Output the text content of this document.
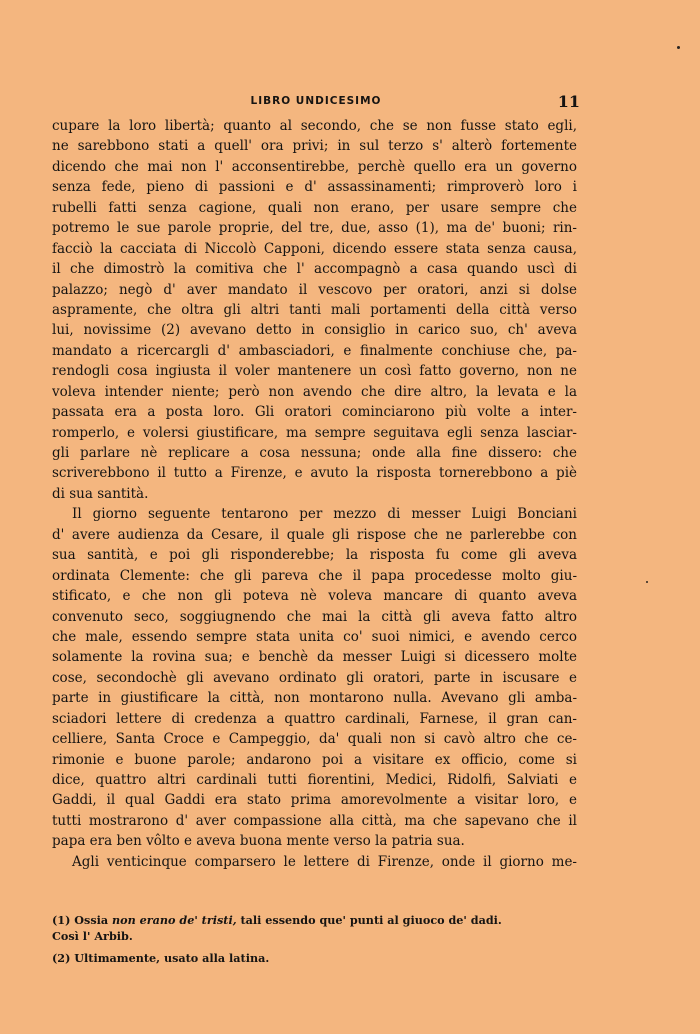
LIBRO UNDICESIMO	11
cupare la loro libertà; quanto al secondo, che se non fusse stato egli,
ne sarebbono stati a quell' ora privi; in sul terzo s' alterò fortemente
dicendo che mai non l' acconsentirebbe, perchè quello era un governo
senza fede, pieno di passioni e d' assassinamenti; rimproverò loro i
rubelli fatti senza cagione, quali non erano, per usare sempre che
potremo le sue parole proprie, del tre, due, asso (1), ma de' buoni; rin-
facciò la cacciata di Niccolò Capponi, dicendo essere stata senza causa,
il che dimostrò la comitiva che l' accompagnò a casa quando uscì di
palazzo; negò d' aver mandato il vescovo per oratori, anzi si dolse
aspramente, che oltra gli altri tanti mali portamenti della città verso
lui, novissime (2) avevano detto in consiglio in carico suo, ch' aveva
mandato a ricercargli d' ambasciadori, e finalmente conchiuse che, pa-
rendogli cosa ingiusta il voler mantenere un così fatto governo, non ne
voleva intender niente; però non avendo che dire altro, la levata e la
passata era a posta loro. Gli oratori cominciarono più volte a inter-
romperlo, e volersi giustificare, ma sempre seguitava egli senza lasciar-
gli parlare nè replicare a cosa nessuna; onde alla fine dissero: che
scriverebbono il tutto a Firenze, e avuto la risposta tornerebbono a piè
di sua santità.
Il giorno seguente tentarono per mezzo di messer Luigi Bonciani
d' avere audienza da Cesare, il quale gli rispose che ne parlerebbe con
sua santità, e poi gli risponderebbe; la risposta fu come gli aveva
ordinata Clemente: che gli pareva che il papa procedesse molto giu-
stificato, e che non gli poteva nè voleva mancare di quanto aveva
convenuto seco, soggiugnendo che mai la città gli aveva fatto altro
che male, essendo sempre stata unita co' suoi nimici, e avendo cerco
solamente la rovina sua; e benchè da messer Luigi si dicessero molte
cose, secondochè gli avevano ordinato gli oratori, parte in iscusare e
parte in giustificare la città, non montarono nulla. Avevano gli amba-
sciadori lettere di credenza a quattro cardinali, Farnese, il gran can-
celliere, Santa Croce e Campeggio, da' quali non si cavò altro che ce-
rimonie e buone parole; andarono poi a visitare ex officio, come si
dice, quattro altri cardinali tutti fiorentini, Medici, Ridolfi, Salviati e
Gaddi, il qual Gaddi era stato prima amorevolmente a visitar loro, e
tutti mostrarono d' aver compassione alla città, ma che sapevano che il
papa era ben vôlto e aveva buona mente verso la patria sua.
Agli venticinque comparsero le lettere di Firenze, onde il giorno me-
(1) Ossia non erano de' tristi, tali essendo que' punti al giuoco de' dadi.
Così l' Arbib.
(2) Ultimamente, usato alla latina.
